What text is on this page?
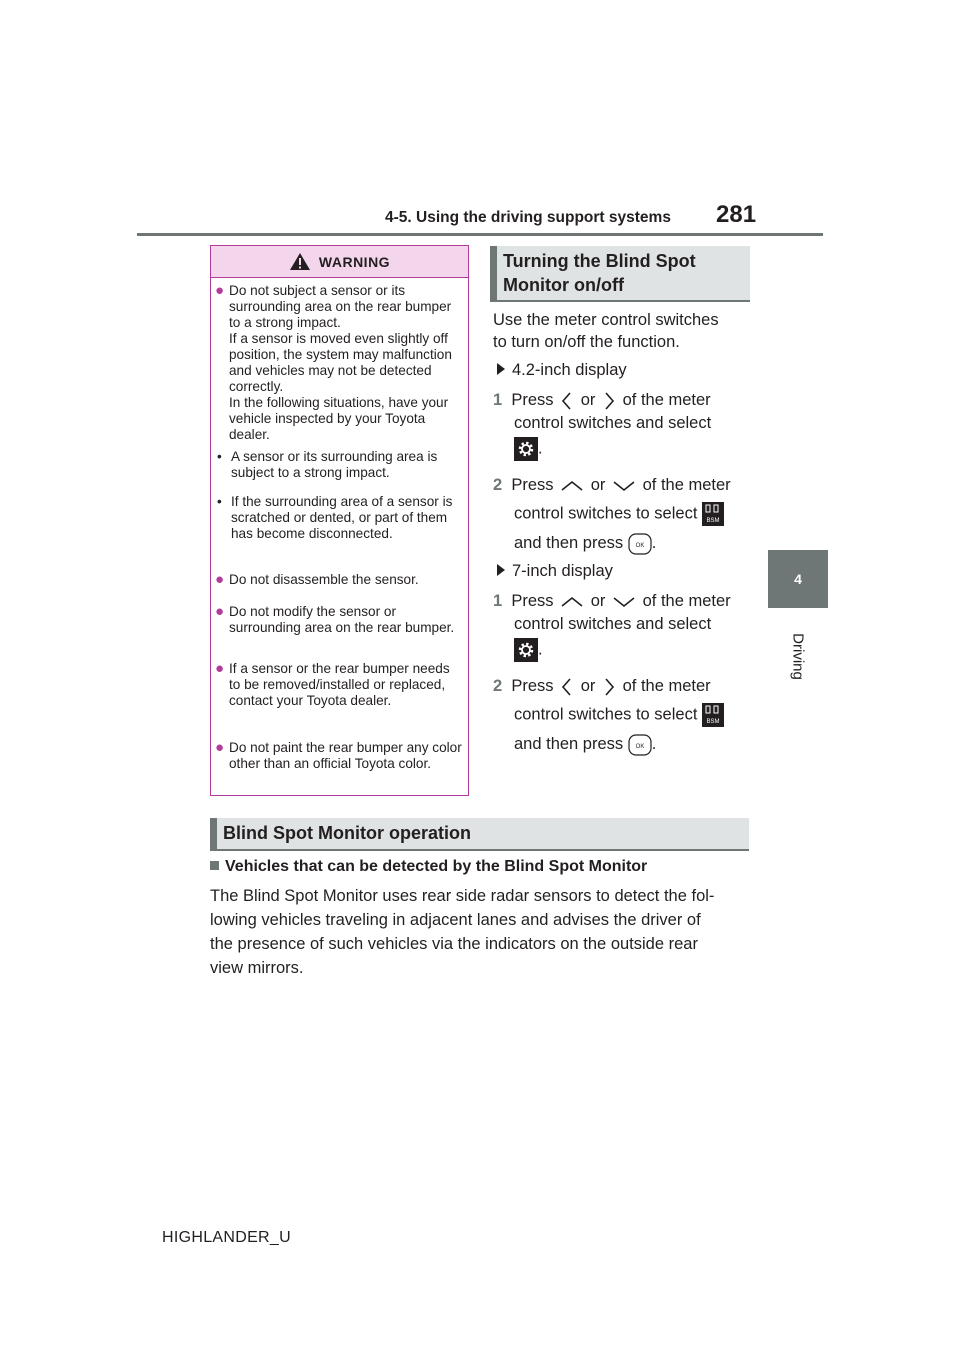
4-5. Using the driving support systems 281
4
Driving
WARNING
● Do not subject a sensor or its surrounding area on the rear bumper to a strong impact.
If a sensor is moved even slightly off position, the system may malfunction and vehicles may not be detected correctly.
In the following situations, have your vehicle inspected by your Toyota dealer.
• A sensor or its surrounding area is subject to a strong impact.
• If the surrounding area of a sensor is scratched or dented, or part of them has become disconnected.
● Do not disassemble the sensor.
● Do not modify the sensor or surrounding area on the rear bumper.
● If a sensor or the rear bumper needs to be removed/installed or replaced, contact your Toyota dealer.
● Do not paint the rear bumper any color other than an official Toyota color.
Turning the Blind Spot
Monitor on/off
Use the meter control switches
to turn on/off the function.
4.2-inch display
1 Press or of the meter
control switches and select
.
2 Press or of the meter
control switches to select BSM
and then press OK .
7-inch display
1 Press or of the meter
control switches and select
.
2 Press or of the meter
control switches to select BSM
and then press OK .
Blind Spot Monitor operation
Vehicles that can be detected by the Blind Spot Monitor
The Blind Spot Monitor uses rear side radar sensors to detect the fol-
lowing vehicles traveling in adjacent lanes and advises the driver of
the presence of such vehicles via the indicators on the outside rear
view mirrors.
HIGHLANDER_U
